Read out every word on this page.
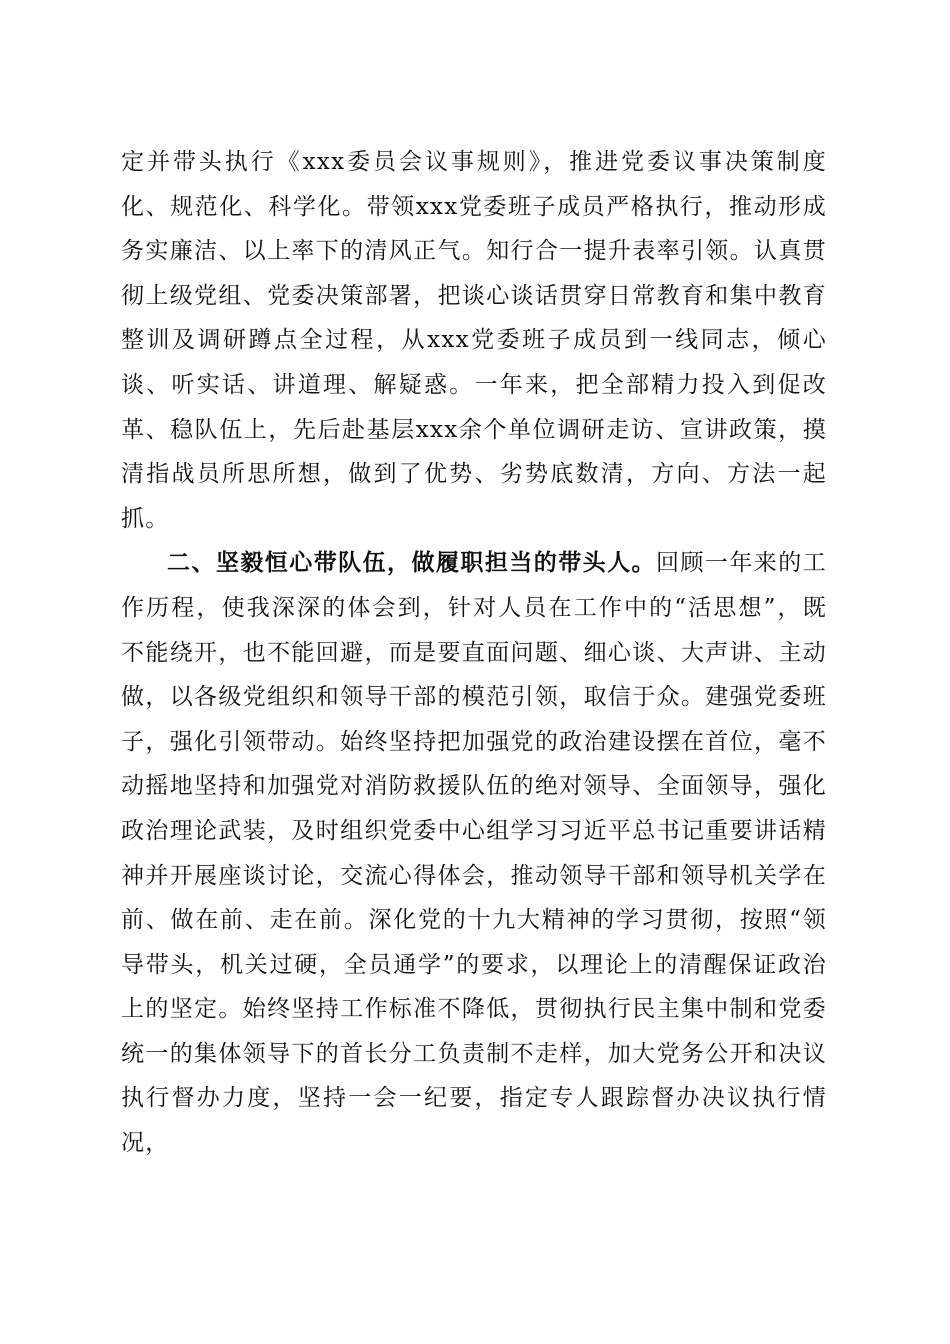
定并带头执行《xxx委员会议事规则》，推进党委议事决策制度化、规范化、科学化。带领xxx党委班子成员严格执行，推动形成务实廉洁、以上率下的清风正气。知行合一提升表率引领。认真贯彻上级党组、党委决策部署，把谈心谈话贯穿日常教育和集中教育整训及调研蹲点全过程，从xxx党委班子成员到一线同志，倾心谈、听实话、讲道理、解疑惑。一年来，把全部精力投入到促改革、稳队伍上，先后赴基层xxx余个单位调研走访、宣讲政策，摸清指战员所思所想，做到了优势、劣势底数清，方向、方法一起抓。

二、坚毅恒心带队伍，做履职担当的带头人。回顾一年来的工作历程，使我深深的体会到，针对人员在工作中的“活思想”，既不能绕开，也不能回避，而是要直面问题、细心谈、大声讲、主动做，以各级党组织和领导干部的模范引领，取信于众。建强党委班子，强化引领带动。始终坚持把加强党的政治建设摆在首位，毫不动摇地坚持和加强党对消防救援队伍的绝对领导、全面领导，强化政治理论武装，及时组织党委中心组学习习近平总书记重要讲话精神并开展座谈讨论，交流心得体会，推动领导干部和领导机关学在前、做在前、走在前。深化党的十九大精神的学习贯彻，按照“领导带头，机关过硬，全员通学”的要求，以理论上的清醒保证政治上的坚定。始终坚持工作标准不降低，贯彻执行民主集中制和党委统一的集体领导下的首长分工负责制不走样，加大党务公开和决议执行督办力度，坚持一会一纪要，指定专人跟踪督办决议执行情况，
